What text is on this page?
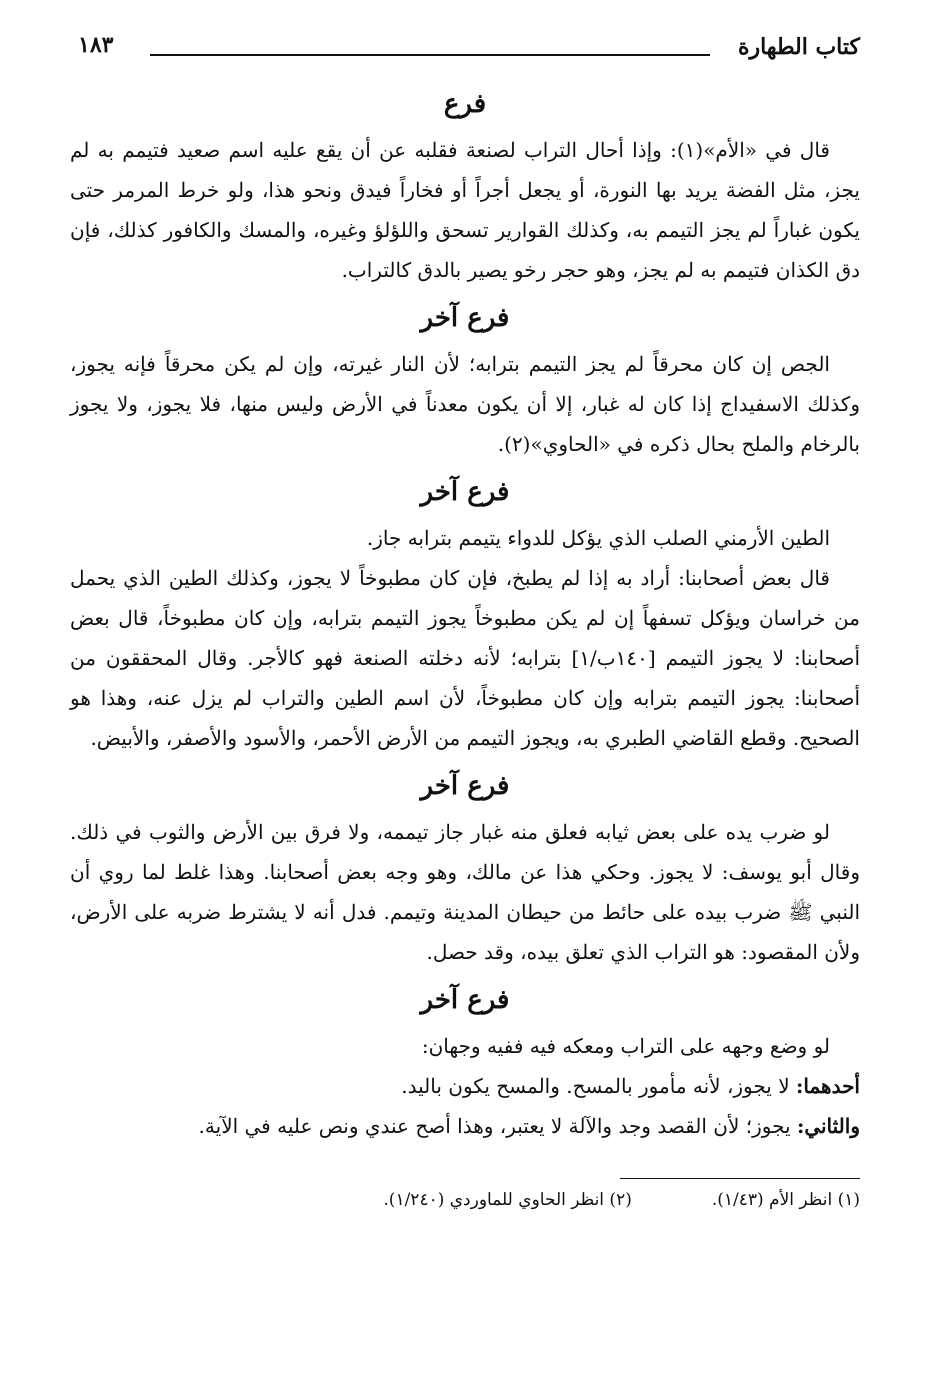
كتاب الطهارة
١٨٣
فرع

قال في «الأم»(١): وإذا أحال التراب لصنعة فقلبه عن أن يقع عليه اسم صعيد فتيمم به لم يجز، مثل الفضة يريد بها النورة، أو يجعل أجراً أو فخاراً فيدق ونحو هذا، ولو خرط المرمر حتى يكون غباراً لم يجز التيمم به، وكذلك القوارير تسحق واللؤلؤ وغيره، والمسك والكافور كذلك، فإن دق الكذان فتيمم به لم يجز، وهو حجر رخو يصير بالدق كالتراب.

فرع آخر

الجص إن كان محرقاً لم يجز التيمم بترابه؛ لأن النار غيرته، وإن لم يكن محرقاً فإنه يجوز، وكذلك الاسفيداج إذا كان له غبار، إلا أن يكون معدناً في الأرض وليس منها، فلا يجوز، ولا يجوز بالرخام والملح بحال ذكره في «الحاوي»(٢).

فرع آخر

الطين الأرمني الصلب الذي يؤكل للدواء يتيمم بترابه جاز.

قال بعض أصحابنا: أراد به إذا لم يطبخ، فإن كان مطبوخاً لا يجوز، وكذلك الطين الذي يحمل من خراسان ويؤكل تسفهاً إن لم يكن مطبوخاً يجوز التيمم بترابه، وإن كان مطبوخاً، قال بعض أصحابنا: لا يجوز التيمم [١٤٠ب/١] بترابه؛ لأنه دخلته الصنعة فهو كالأجر. وقال المحققون من أصحابنا: يجوز التيمم بترابه وإن كان مطبوخاً، لأن اسم الطين والتراب لم يزل عنه، وهذا هو الصحيح. وقطع القاضي الطبري به، ويجوز التيمم من الأرض الأحمر، والأسود والأصفر، والأبيض.

فرع آخر

لو ضرب يده على بعض ثيابه فعلق منه غبار جاز تيممه، ولا فرق بين الأرض والثوب في ذلك. وقال أبو يوسف: لا يجوز. وحكي هذا عن مالك، وهو وجه بعض أصحابنا. وهذا غلط لما روي أن النبي ﷺ ضرب بيده على حائط من حيطان المدينة وتيمم. فدل أنه لا يشترط ضربه على الأرض، ولأن المقصود: هو التراب الذي تعلق بيده، وقد حصل.

فرع آخر

لو وضع وجهه على التراب ومعكه فيه ففيه وجهان:

أحدهما: لا يجوز، لأنه مأمور بالمسح. والمسح يكون باليد.

والثاني: يجوز؛ لأن القصد وجد والآلة لا يعتبر، وهذا أصح عندي ونص عليه في الآية.

(١) انظر الأم (١/٤٣).
(٢) انظر الحاوي للماوردي (١/٢٤٠).
